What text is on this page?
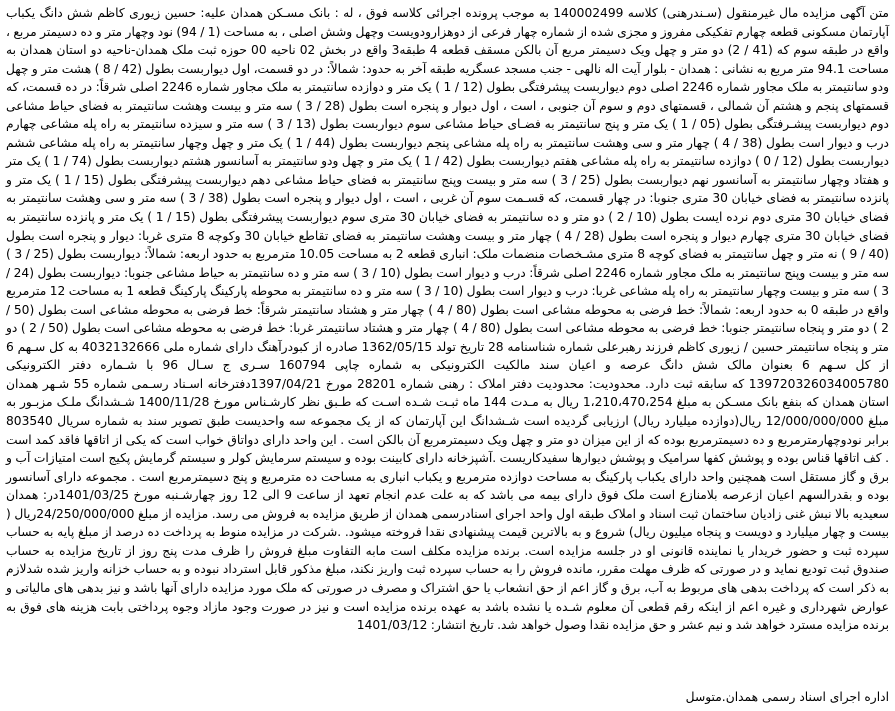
متن آگهی مزایده مال غیرمنقول (سـندرهنی) کلاسه 140002499 به موجب پرونده اجرائی کلاسه فوق ، له : بانک مسـکن همدان علیه: حسین زیوری کاظم شش دانگ یکباب آپارتمان مسکونی قطعه چهارم تفکیکی مفروز و مجزی شده از شماره چهار فرعی از دوهزارودویست وچهل وشش اصلی ، به مساحت (1 / 94) نود وچهار متر و ده دسیمتر مربع ، واقع در طبقه سوم که (41 / 2) دو متر و چهل ویک دسیمتر مربع آن بالکن مسقف قطعه 4 طبقه3 واقع در بخش 02 ناحیه 00 حوزه ثبت ملک همدان-ناحیه دو استان همدان به مساحت 94.1 متر مربع به نشانی : همدان - بلوار آیت اله نالهی - جنب مسجد عسگریه طبقه آخر به حدود: شمالاً: در دو قسمت، اول دیواربست بطول (42 / 8 ) هشت متر و چهل ودو سانتیمتر به ملک مجاور شماره 2246 اصلی دوم دیواربست پیشرفتگی بطول (12 / 1 ) یک متر و دوازده سانتیمتر به ملک مجاور شماره 2246 اصلی شرقاً: در ده قسمت، که قسمتهای پنجم و هشتم آن شمالی ، قسمتهای دوم و سوم آن جنوبی ، است ، اول دیوار و پنجره است بطول (28 / 3 ) سه متر و بیست وهشت سانتیمتر به فضای حیاط مشاعی دوم دیواربست پیشـرفتگی بطول (05 / 1 ) یک متر و پنج سانتیمتر به فضـای حیاط مشاعی سوم دیواربست بطول (13 / 3 ) سه متر و سیزده سانتیمتر به راه پله مشاعی چهارم درب و دیوار است بطول (38 / 4 ) چهار متر و سی وهشت سانتیمتر به راه پله مشاعی پنجم دیواربست بطول (44 / 1 ) یک متر و چهل وچهار سانتیمتر به راه پله مشاعی ششم دیواربست بطول (12 / 0 ) دوازده سانتیمتر به راه پله مشاعی هفتم دیواربست بطول (42 / 1 ) یک متر و چهل ودو سانتیمتر به آسانسور هشتم دیواربست بطول (74 / 1 ) یک متر و هفتاد وچهار سانتیمتر به آسانسور نهم دیواربست بطول (25 / 3 ) سه متر و بیست وپنج سانتیمتر به فضای حیاط مشاعی دهم دیواربست پیشرفتگی بطول (15 / 1 ) یک متر و پانزده سانتیمتر به فضای خیابان 30 متری جنوبا: در چهار قسمت، که قسـمت سوم آن غربی ، است ، اول دیوار و پنجره است بطول (38 / 3 ) سه متر و سی وهشت سانتیمتر به فضای خیابان 30 متری دوم نرده ایست بطول (10 / 2 ) دو متر و ده سانتیمتر به فضای خیابان 30 متری سوم دیواربست پیشرفتگی بطول (15 / 1 ) یک متر و پانزده سانتیمتر به فضای خیابان 30 متری چهارم دیوار و پنجره است بطول (28 / 4 ) چهار متر و بیست وهشت سانتیمتر به فضای تقاطع خیابان 30 وکوچه 8 متری غربا: دیوار و پنجره است بطول (40 / 9 ) نه متر و چهل سانتیمتر به فضای کوچه 8 متری مشـخصات منضمات ملک: انباری قطعه 2 به مساحت 10.05 مترمربع به حدود اربعه: شمالاً: دیواربست بطول (25 / 3 ) سه متر و بیست وپنج سانتیمتر به ملک مجاور شماره 2246 اصلی شرقاً: درب و دیوار است بطول (10 / 3 ) سه متر و ده سانتیمتر به حیاط مشاعی جنوبا: دیواربست بطول (24 / 3 ) سه متر و بیست وچهار سانتیمتر به راه پله مشاعی غربا: درب و دیوار است بطول (10 / 3 ) سه متر و ده سانتیمتر به محوطه پارکینگ پارکینگ قطعه 1 به مساحت 12 مترمربع واقع در طبقه 0 به حدود اربعه: شمالاً: خط فرضی به محوطه مشاعی است بطول (80 / 4 ) چهار متر و هشتاد سانتیمتر شرقاً: خط فرضی به محوطه مشاعی است بطول (50 / 2 ) دو متر و پنجاه سانتیمتر جنوبا: خط فرضی به محوطه مشاعی است بطول (80 / 4 ) چهار متر و هشتاد سانتیمتر غربا: خط فرضی به محوطه مشاعی است بطول (50 / 2 ) دو متر و پنجاه سانتیمتر حسین / زیوری کاظم فرزند رهبرعلی شماره شناسنامه 28 تاریخ تولد 1362/05/15 صادره از کبودرآهنگ دارای شماره ملی 4032132666 به کل سـهم 6 از کل سـهم 6 بعنوان مالک شش دانگ عرصه و اعیان سند مالکیت الکترونیکی به شماره چاپی 160794 سـری ج سـال 96 با شـماره دفتر الکترونیکی 139720326034005780 که سابقه ثبت دارد. محدودیت: محدودیت دفتر املاک : رهنی شماره 28201 مورخ 1397/04/21دفترخانه اسـناد رسـمی شماره 55 شـهر همدان استان همدان که بنفع بانک مسـکن به مبلغ 1،210،470،254 ریال به مـدت 144 ماه ثبـت شـده اسـت که طـبق نظر کارشـناس مورخ 1400/11/28 شـشدانگ ملـک مزبـور به مبلغ 12/000/000/000 ریال(دوازده میلیارد ریال) ارزیابی گردیده است شـشدانگ این آپارتمان که از یک مجموعه سه واحدیست طبق تصویر سند به شماره سریال 803540 برابر نودوچهارمترمربع و ده دسیمترمربع بوده که از این میزان دو متر و چهل ویک دسیمترمربع آن بالکن است . این واحد دارای دواتاق خواب است که یکی از اتاقها فاقد کمد است . کف اتاقها قناس بوده و پوشش کفها سرامیک و پوشش دیوارها سفیدکاریست .آشپزخانه دارای کابینت بوده و سیستم سرمایش کولر و سیستم گرمایش پکیج است امتیازات آب و برق و گاز مستقل است همچنین واحد دارای یکباب پارکینگ به مساحت دوازده مترمربع و یکباب انباری به مساحت ده مترمربع و پنج دسیمترمربع است . مجموعه دارای آسانسور بوده و بقدرالسهم اعیان ازعرصه بلامنازع است ملک فوق دارای بیمه می باشد که به علت عدم انجام تعهد از ساعت 9 الی 12 روز چهارشـنبه مورخ 1401/03/25در: همدان سعیدیه بالا نبش غنی زادیان ساختمان ثبت اسناد و املاک طبقه اول واحد اجرای اسنادرسمی همدان از طریق مزایده به فروش می رسد. مزایده از مبلغ 24/250/000/000ریال ( بیست و چهار میلیارد و دویست و پنجاه میلیون ریال) شروع و به بالاترین قیمت پیشنهادی نقدا فروخته میشود. .شرکت در مزایده منوط به پرداخت ده درصد از مبلغ پایه به حساب سپرده ثبت و حضور خریدار یا نماینده قانونی او در جلسه مزایده است. برنده مزایده مکلف است مابه التفاوت مبلغ فروش را ظرف مدت پنج روز از تاریخ مزایده به حساب صندوق ثبت تودیع نماید و در صورتی که ظرف مهلت مقرر، مانده فروش را به حساب سپرده ثبت واریز نکند، مبلغ مذکور قابل استرداد نبوده و به حساب خزانه واریز شده شدلازم به ذکر است که پرداخت بدهی های مربوط به آب، برق و گاز اعم از حق انشعاب یا حق اشتراک و مصرف در صورتی که ملک مورد مزایده دارای آنها باشد و نیز بدهی های مالیاتی و عوارض شهرداری و غیره اعم از اینکه رقم قطعی آن معلوم شـده یا نشده باشد به عهده برنده مزایده است و نیز در صورت وجود مازاد وجوه پرداختی بابت هزینه های فوق به برنده مزایده مسترد خواهد شد و نیم عشر و حق مزایده نقدا وصول خواهد شد. تاریخ انتشار: 1401/03/12

اداره اجرای اسناد رسمی همدان.متوسل
